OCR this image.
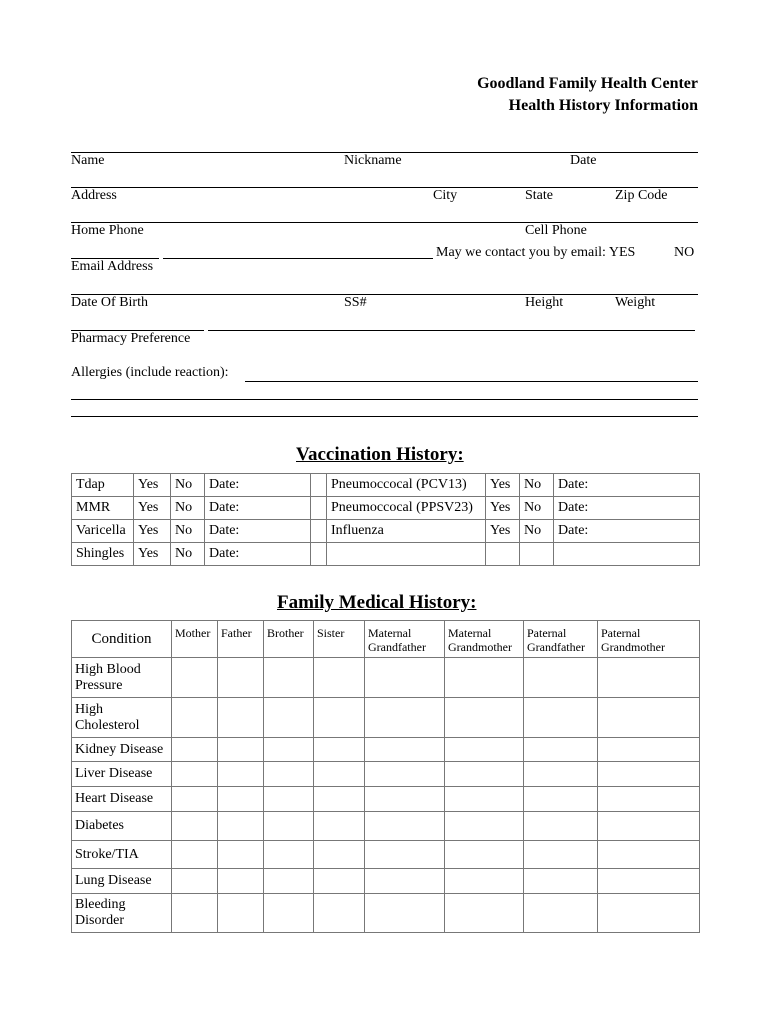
Goodland Family Health Center
Health History Information
Name	Nickname	Date
Address	City	State	Zip Code
Home Phone	Cell Phone
May we contact you by email: YES	NO
Email Address
Date Of Birth	SS#	Height	Weight
Pharmacy Preference
Allergies (include reaction):
Vaccination History:
Tdap	Yes	No	Date:		Pneumoccocal (PCV13)	Yes	No	Date:
MMR	Yes	No	Date:		Pneumoccocal (PPSV23)	Yes	No	Date:
Varicella	Yes	No	Date:		Influenza	Yes	No	Date:
Shingles	Yes	No	Date:					
Family Medical History:
Condition	Mother	Father	Brother	Sister	Maternal Grandfather	Maternal Grandmother	Paternal Grandfather	Paternal Grandmother
High Blood Pressure								
High Cholesterol								
Kidney Disease								
Liver Disease								
Heart Disease								
Diabetes								
Stroke/TIA								
Lung Disease								
Bleeding Disorder								
